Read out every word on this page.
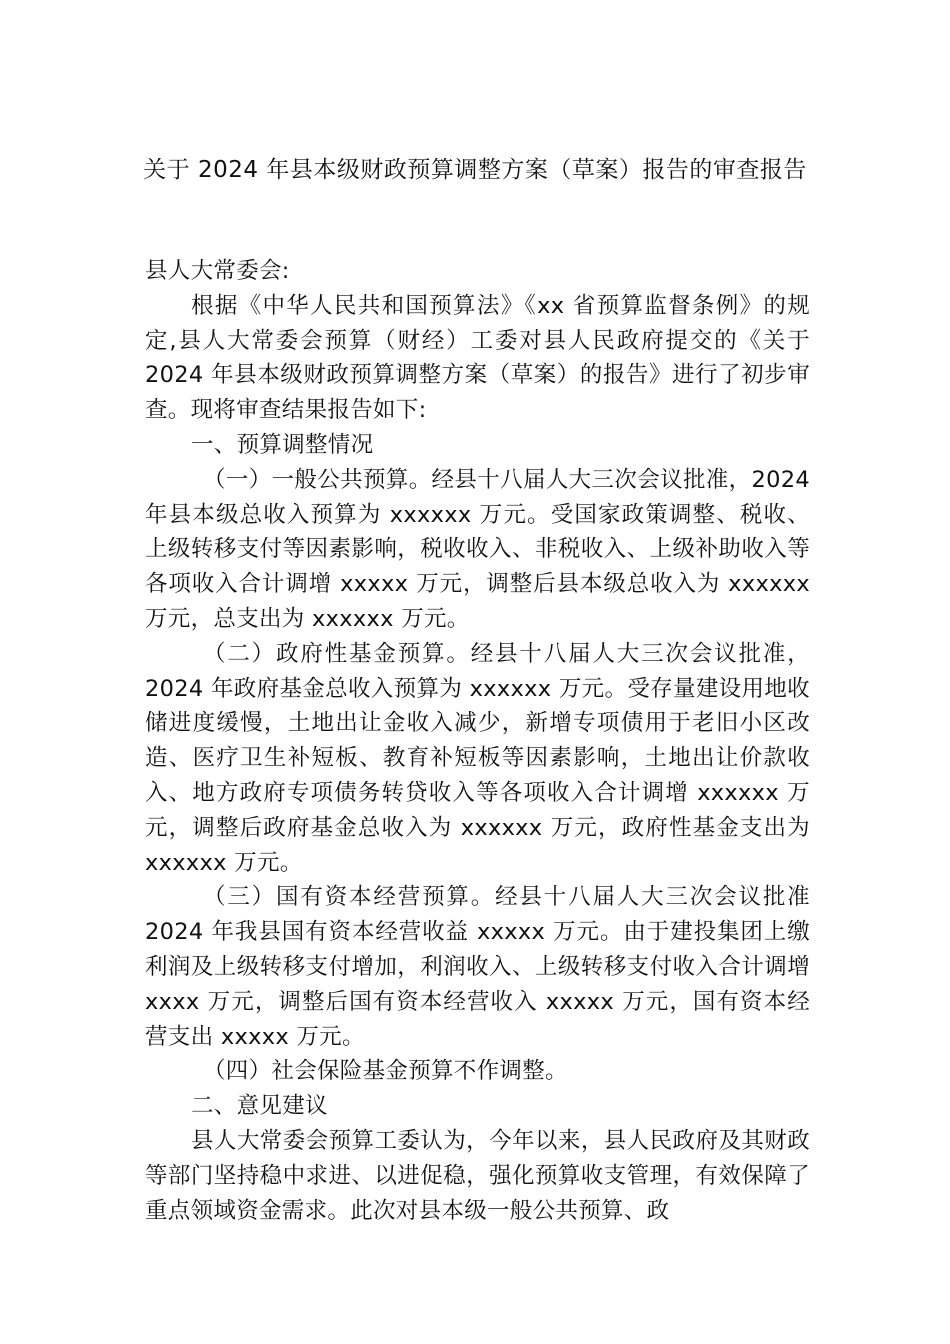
关于 2024 年县本级财政预算调整方案（草案）报告的审查报告

县人大常委会:

根据《中华人民共和国预算法》《xx 省预算监督条例》的规定,县人大常委会预算（财经）工委对县人民政府提交的《关于 2024 年县本级财政预算调整方案（草案）的报告》进行了初步审查。现将审查结果报告如下:

一、预算调整情况

（一）一般公共预算。经县十八届人大三次会议批准，2024 年县本级总收入预算为 xxxxxx 万元。受国家政策调整、税收、上级转移支付等因素影响，税收收入、非税收入、上级补助收入等各项收入合计调增 xxxxx 万元，调整后县本级总收入为 xxxxxx 万元，总支出为 xxxxxx 万元。

（二）政府性基金预算。经县十八届人大三次会议批准，2024 年政府基金总收入预算为 xxxxxx 万元。受存量建设用地收储进度缓慢，土地出让金收入减少，新增专项债用于老旧小区改造、医疗卫生补短板、教育补短板等因素影响，土地出让价款收入、地方政府专项债务转贷收入等各项收入合计调增 xxxxxx 万元，调整后政府基金总收入为 xxxxxx 万元，政府性基金支出为 xxxxxx 万元。

（三）国有资本经营预算。经县十八届人大三次会议批准 2024 年我县国有资本经营收益 xxxxx 万元。由于建投集团上缴利润及上级转移支付增加，利润收入、上级转移支付收入合计调增 xxxx 万元，调整后国有资本经营收入 xxxxx 万元，国有资本经营支出 xxxxx 万元。

（四）社会保险基金预算不作调整。

二、意见建议

县人大常委会预算工委认为，今年以来，县人民政府及其财政等部门坚持稳中求进、以进促稳，强化预算收支管理，有效保障了重点领域资金需求。此次对县本级一般公共预算、政
